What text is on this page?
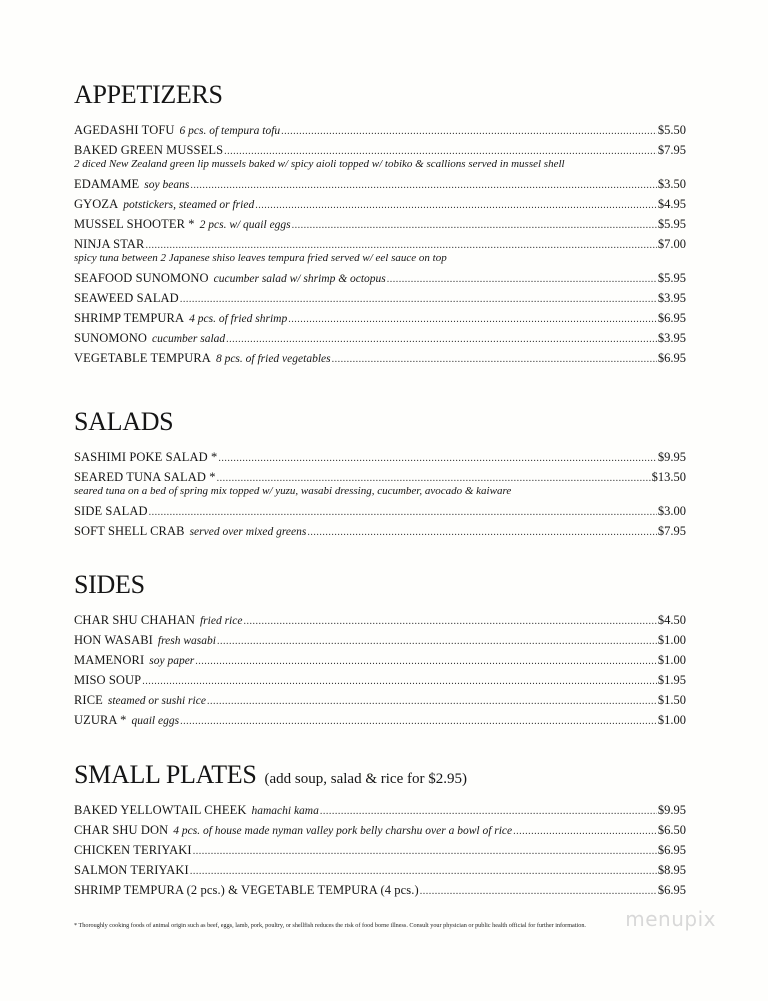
APPETIZERS
AGEDASHI TOFU 6 pcs. of tempura tofu .....	$5.50
BAKED GREEN MUSSELS .....	$7.95
2 diced New Zealand green lip mussels baked w/ spicy aioli topped w/ tobiko & scallions served in mussel shell
EDAMAME soy beans .....	$3.50
GYOZA potstickers, steamed or fried .....	$4.95
MUSSEL SHOOTER * 2 pcs. w/ quail eggs .....	$5.95
NINJA STAR .....	$7.00
spicy tuna between 2 Japanese shiso leaves tempura fried served w/ eel sauce on top
SEAFOOD SUNOMONO cucumber salad w/ shrimp & octopus .....	$5.95
SEAWEED SALAD .....	$3.95
SHRIMP TEMPURA 4 pcs. of fried shrimp .....	$6.95
SUNOMONO cucumber salad .....	$3.95
VEGETABLE TEMPURA 8 pcs. of fried vegetables .....	$6.95
SALADS
SASHIMI POKE SALAD * .....	$9.95
SEARED TUNA SALAD * .....	$13.50
seared tuna on a bed of spring mix topped w/ yuzu, wasabi dressing, cucumber, avocado & kaiware
SIDE SALAD .....	$3.00
SOFT SHELL CRAB served over mixed greens .....	$7.95
SIDES
CHAR SHU CHAHAN fried rice .....	$4.50
HON WASABI fresh wasabi .....	$1.00
MAMENORI soy paper .....	$1.00
MISO SOUP .....	$1.95
RICE steamed or sushi rice .....	$1.50
UZURA * quail eggs .....	$1.00
SMALL PLATES (add soup, salad & rice for $2.95)
BAKED YELLOWTAIL CHEEK hamachi kama .....	$9.95
CHAR SHU DON 4 pcs. of house made nyman valley pork belly charshu over a bowl of rice .....	$6.50
CHICKEN TERIYAKI .....	$6.95
SALMON TERIYAKI .....	$8.95
SHRIMP TEMPURA (2 pcs.) & VEGETABLE TEMPURA (4 pcs.) .....	$6.95
* Thoroughly cooking foods of animal origin such as beef, eggs, lamb, pork, poultry, or shellfish reduces the risk of food borne illness. Consult your physician or public health official for further information.	menupix
